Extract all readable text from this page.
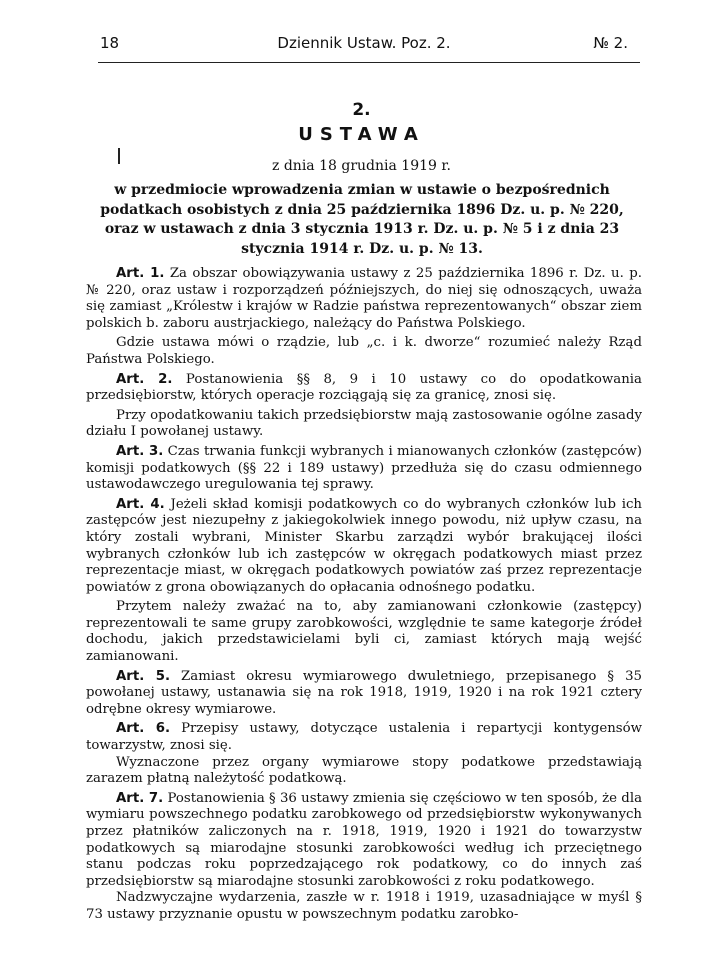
18	Dziennik Ustaw. Poz. 2.	№ 2.
2.
USTAWA
z dnia 18 grudnia 1919 r.
w przedmiocie wprowadzenia zmian w ustawie o bezpośrednich podatkach osobistych z dnia 25 października 1896 Dz. u. p. № 220, oraz w ustawach z dnia 3 stycznia 1913 r. Dz. u. p. № 5 i z dnia 23 stycznia 1914 r. Dz. u. p. № 13.

Art. 1. Za obszar obowiązywania ustawy z 25 października 1896 r. Dz. u. p. № 220, oraz ustaw i rozporządzeń późniejszych, do niej się odnoszących, uważa się zamiast „Królestw i krajów w Radzie państwa reprezentowanych“ obszar ziem polskich b. zaboru austrjackiego, należący do Państwa Polskiego.

Gdzie ustawa mówi o rządzie, lub „c. i k. dworze“ rozumieć należy Rząd Państwa Polskiego.

Art. 2. Postanowienia §§ 8, 9 i 10 ustawy co do opodatkowania przedsiębiorstw, których operacje rozciągają się za granicę, znosi się.

Przy opodatkowaniu takich przedsiębiorstw mają zastosowanie ogólne zasady działu I powołanej ustawy.

Art. 3. Czas trwania funkcji wybranych i mianowanych członków (zastępców) komisji podatkowych (§§ 22 i 189 ustawy) przedłuża się do czasu odmiennego ustawodawczego uregulowania tej sprawy.

Art. 4. Jeżeli skład komisji podatkowych co do wybranych członków lub ich zastępców jest niezupełny z jakiegokolwiek innego powodu, niż upływ czasu, na który zostali wybrani, Minister Skarbu zarządzi wybór brakującej ilości wybranych członków lub ich zastępców w okręgach podatkowych miast przez reprezentacje miast, w okręgach podatkowych powiatów zaś przez reprezentacje powiatów z grona obowiązanych do opłacania odnośnego podatku.

Przytem należy zważać na to, aby zamianowani członkowie (zastępcy) reprezentowali te same grupy zarobkowości, względnie te same kategorje źródeł dochodu, jakich przedstawicielami byli ci, zamiast których mają wejść zamianowani.

Art. 5. Zamiast okresu wymiarowego dwuletniego, przepisanego § 35 powołanej ustawy, ustanawia się na rok 1918, 1919, 1920 i na rok 1921 cztery odrębne okresy wymiarowe.

Art. 6. Przepisy ustawy, dotyczące ustalenia i repartycji kontygensów towarzystw, znosi się.

Wyznaczone przez organy wymiarowe stopy podatkowe przedstawiają zarazem płatną należytość podatkową.

Art. 7. Postanowienia § 36 ustawy zmienia się częściowo w ten sposób, że dla wymiaru powszechnego podatku zarobkowego od przedsiębiorstw wykonywanych przez płatników zaliczonych na r. 1918, 1919, 1920 i 1921 do towarzystw podatkowych są miarodajne stosunki zarobkowości według ich przeciętnego stanu podczas roku poprzedzającego rok podatkowy, co do innych zaś przedsiębiorstw są miarodajne stosunki zarobkowości z roku podatkowego.

Nadzwyczajne wydarzenia, zaszłe w r. 1918 i 1919, uzasadniające w myśl § 73 ustawy przyznanie opustu w powszechnym podatku zarobko-
